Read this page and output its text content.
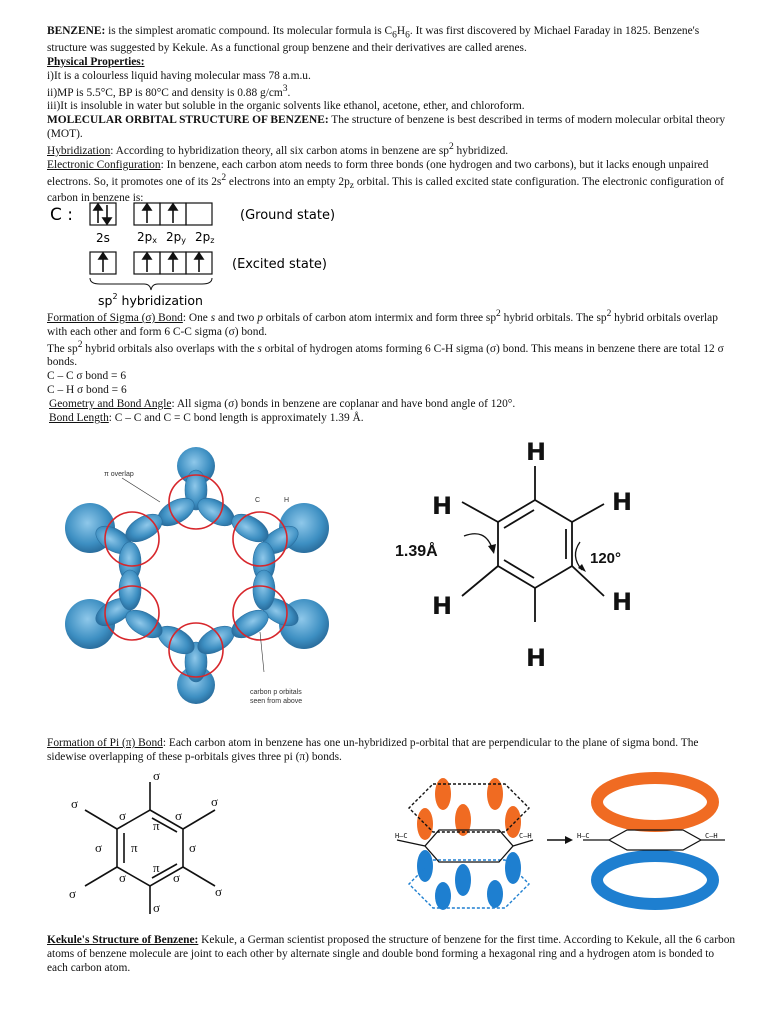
BENZENE: is the simplest aromatic compound. Its molecular formula is $C_6H_6$. It was first discovered by Michael Faraday in 1825. Benzene's structure was suggested by Kekule. As a functional group benzene and their derivatives are called arenes.

Physical Properties:

i)It is a colourless liquid having molecular mass 78 a.m.u.

ii)MP is 5.5°C, BP is 80°C and density is 0.88 $g/cm^3$.

iii)It is insoluble in water but soluble in the organic solvents like ethanol, acetone, ether, and chloroform.

MOLECULAR ORBITAL STRUCTURE OF BENZENE: The structure of benzene is best described in terms of modern molecular orbital theory (MOT).

Hybridization: According to hybridization theory, all six carbon atoms in benzene are $sp^2$ hybridized.

Electronic Configuration: In benzene, each carbon atom needs to form three bonds (one hydrogen and two carbons), but it lacks enough unpaired electrons. So, it promotes one of its $2s^2$ electrons into an empty $2p_z$ orbital. This is called excited state configuration. The electronic configuration of carbon in benzene is:

C :	(Ground state)
2s 2px 2py 2pz
(Excited state)
$sp^2$ hybridization

Formation of Sigma (σ) Bond: One s and two p orbitals of carbon atom intermix and form three $sp^2$ hybrid orbitals. The $sp^2$ hybrid orbitals overlap with each other and form 6 C-C sigma (σ) bond.

The $sp^2$ hybrid orbitals also overlaps with the s orbital of hydrogen atoms forming 6 C-H sigma (σ) bond. This means in benzene there are total 12 σ bonds.

C – C σ bond = 6

C – H σ bond = 6

Geometry and Bond Angle: All sigma (σ) bonds in benzene are coplanar and have bond angle of 120°.

Bond Length: C – C and C = C bond length is approximately 1.39 Å.

π overlap
C	H
carbon p orbitals
seen from above
H
H	H
H	H
H
1.39Å	120°

Formation of Pi (π) Bond: Each carbon atom in benzene has one un-hybridized p-orbital that are perpendicular to the plane of sigma bond. The sidewise overlapping of these p-orbitals gives three pi (π) bonds.

σ
σ	σ
σ	σ
σ	σ
σ	σ
σ	σ
σ
π
π
π
H–C	C–H	H–C	C–H

Kekule's Structure of Benzene: Kekule, a German scientist proposed the structure of benzene for the first time. According to Kekule, all the 6 carbon atoms of benzene molecule are joint to each other by alternate single and double bond forming a hexagonal ring and a hydrogen atom is bonded to each carbon atom.
